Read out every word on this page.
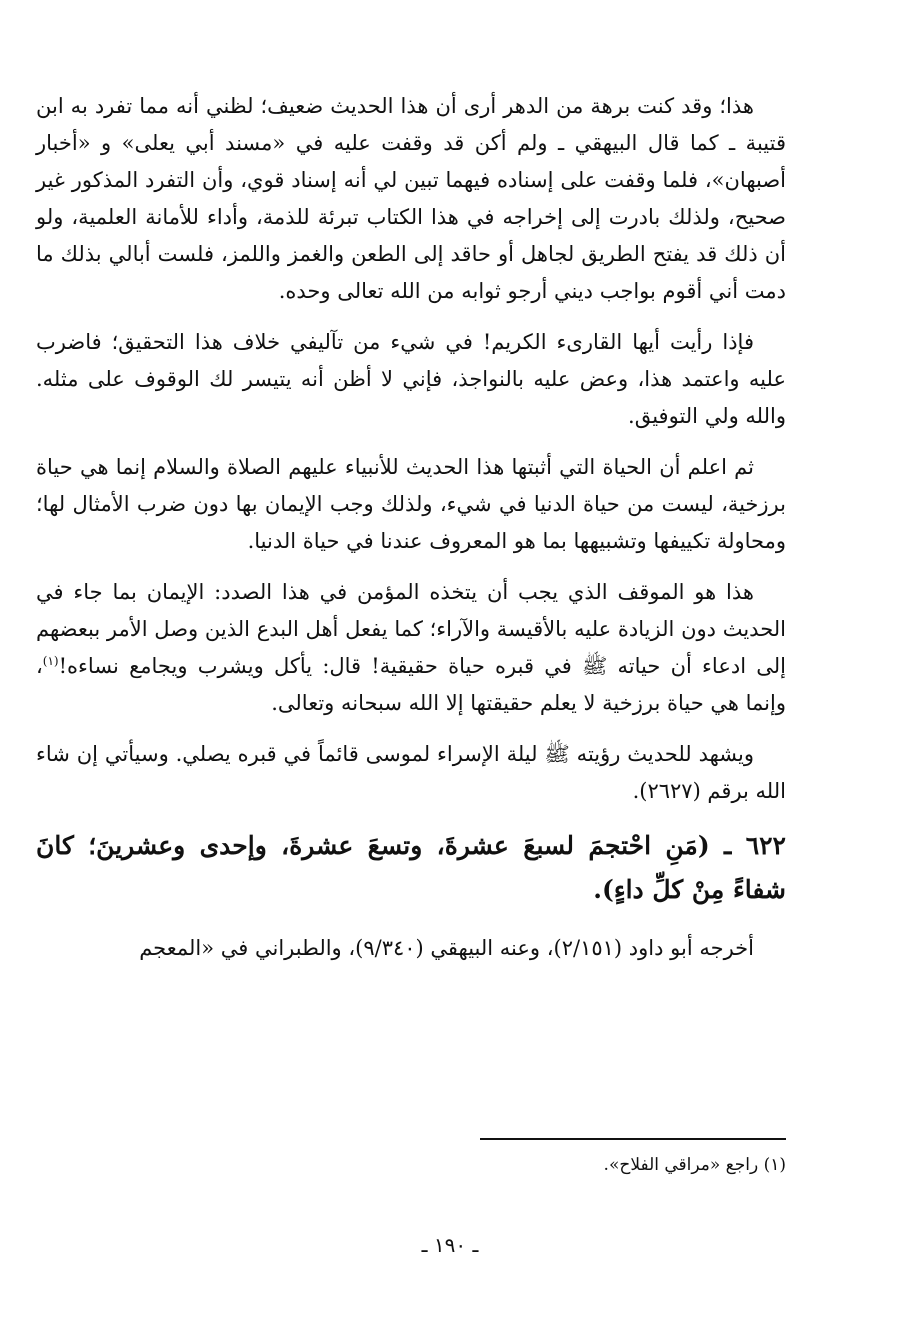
هذا؛ وقد كنت برهة من الدهر أرى أن هذا الحديث ضعيف؛ لظني أنه مما تفرد به ابن قتيبة ـ كما قال البيهقي ـ ولم أكن قد وقفت عليه في «مسند أبي يعلى» و «أخبار أصبهان»، فلما وقفت على إسناده فيهما تبين لي أنه إسناد قوي، وأن التفرد المذكور غير صحيح، ولذلك بادرت إلى إخراجه في هذا الكتاب تبرئة للذمة، وأداء للأمانة العلمية، ولو أن ذلك قد يفتح الطريق لجاهل أو حاقد إلى الطعن والغمز واللمز، فلست أبالي بذلك ما دمت أني أقوم بواجب ديني أرجو ثوابه من الله تعالى وحده.

فإذا رأيت أيها القارىء الكريم! في شيء من تآليفي خلاف هذا التحقيق؛ فاضرب عليه واعتمد هذا، وعض عليه بالنواجذ، فإني لا أظن أنه يتيسر لك الوقوف على مثله. والله ولي التوفيق.

ثم اعلم أن الحياة التي أثبتها هذا الحديث للأنبياء عليهم الصلاة والسلام إنما هي حياة برزخية، ليست من حياة الدنيا في شيء، ولذلك وجب الإيمان بها دون ضرب الأمثال لها؛ ومحاولة تكييفها وتشبيهها بما هو المعروف عندنا في حياة الدنيا.

هذا هو الموقف الذي يجب أن يتخذه المؤمن في هذا الصدد: الإيمان بما جاء في الحديث دون الزيادة عليه بالأقيسة والآراء؛ كما يفعل أهل البدع الذين وصل الأمر ببعضهم إلى ادعاء أن حياته ﷺ في قبره حياة حقيقية! قال: يأكل ويشرب ويجامع نساءه!$^{(١)}$، وإنما هي حياة برزخية لا يعلم حقيقتها إلا الله سبحانه وتعالى.

ويشهد للحديث رؤيته ﷺ ليلة الإسراء لموسى قائماً في قبره يصلي. وسيأتي إن شاء الله برقم (٢٦٢٧).

٦٢٢ ـ (مَنِ احْتجمَ لسبعَ عشرةَ، وتسعَ عشرةَ، وإحدى وعشرينَ؛ كانَ شفاءً مِنْ كلِّ داءٍ).

أخرجه أبو داود (٢/١٥١)، وعنه البيهقي (٩/٣٤٠)، والطبراني في «المعجم

(١) راجع «مراقي الفلاح».
ـ ١٩٠ ـ
